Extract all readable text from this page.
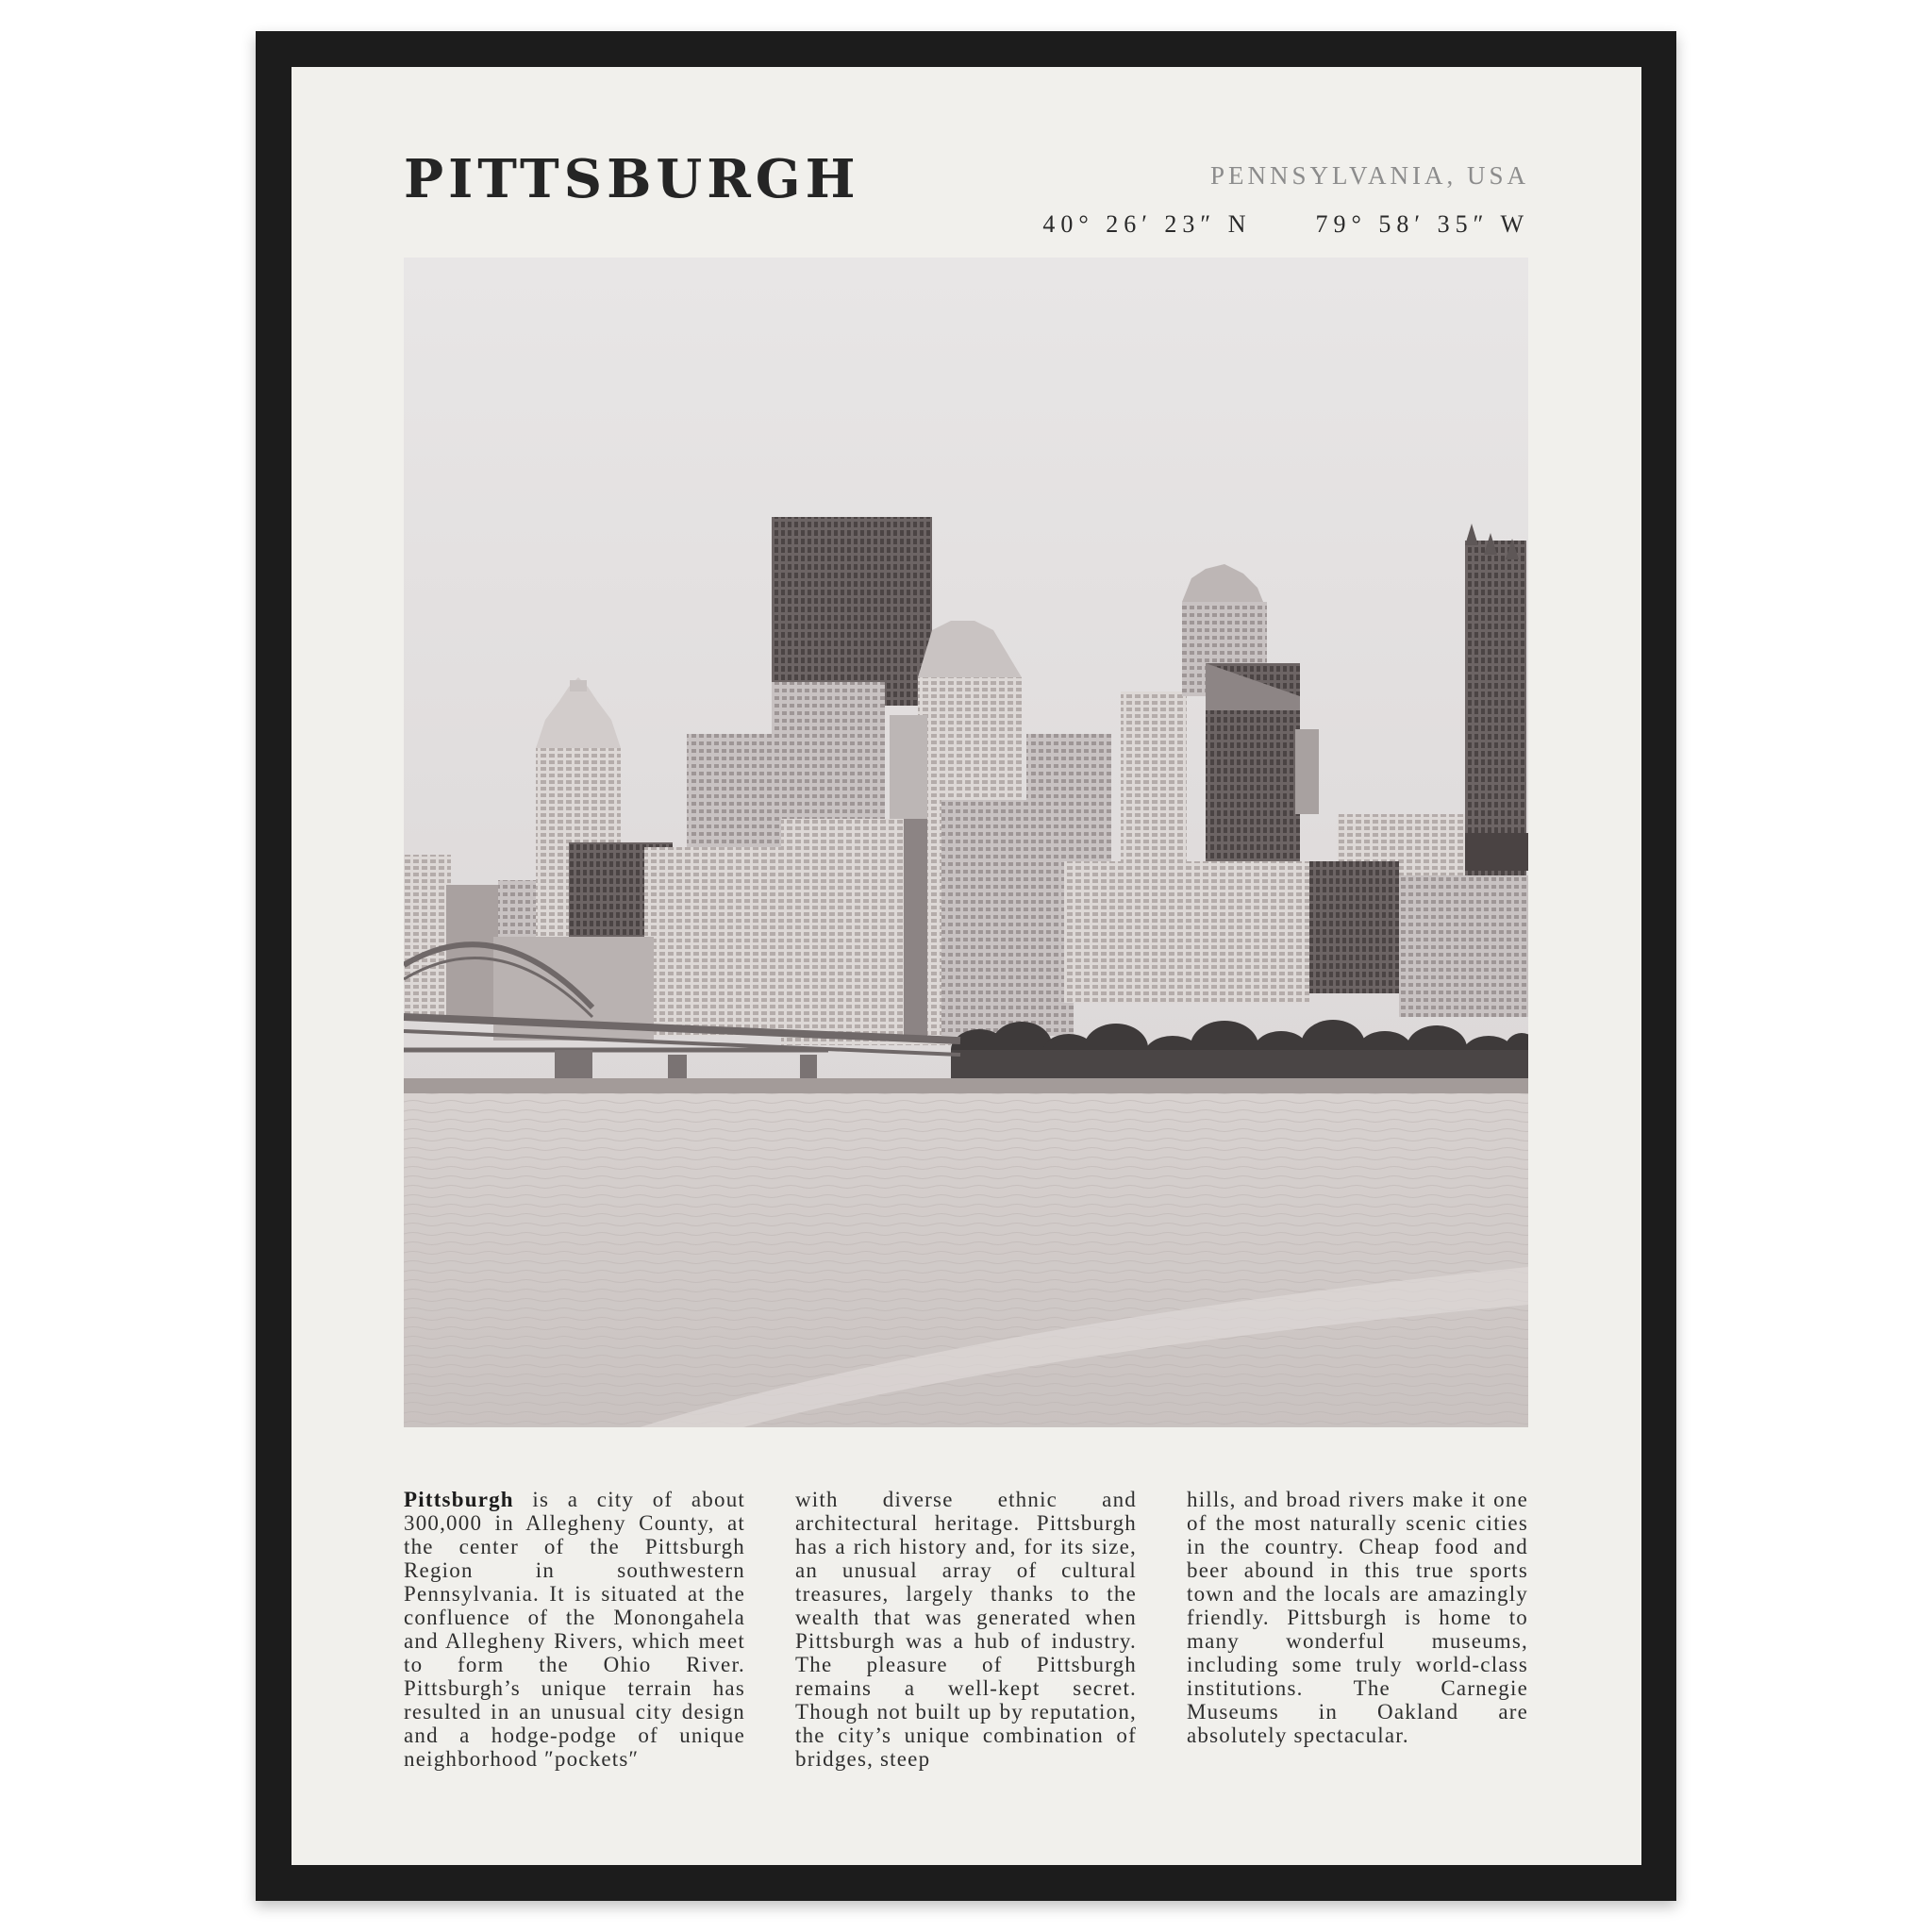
PITTSBURGH	PENNSYLVANIA, USA
40° 26′ 23″ N	79° 58′ 35″ W

Pittsburgh is a city of about 300,000 in Allegheny County, at the center of the Pittsburgh Region in southwestern Pennsylvania. It is situated at the confluence of the Monongahela and Allegheny Rivers, which meet to form the Ohio River. Pittsburgh’s unique terrain has resulted in an unusual city design and a hodge-podge of unique neighborhood ″pockets″

with diverse ethnic and architectural heritage. Pittsburgh has a rich history and, for its size, an unusual array of cultural treasures, largely thanks to the wealth that was generated when Pittsburgh was a hub of industry. The pleasure of Pittsburgh remains a well-kept secret. Though not built up by reputation, the city’s unique combination of bridges, steep

hills, and broad rivers make it one of the most naturally scenic cities in the country. Cheap food and beer abound in this true sports town and the locals are amazingly friendly. Pittsburgh is home to many wonderful museums, including some truly world-class institutions. The Carnegie Museums in Oakland are absolutely spectacular.
